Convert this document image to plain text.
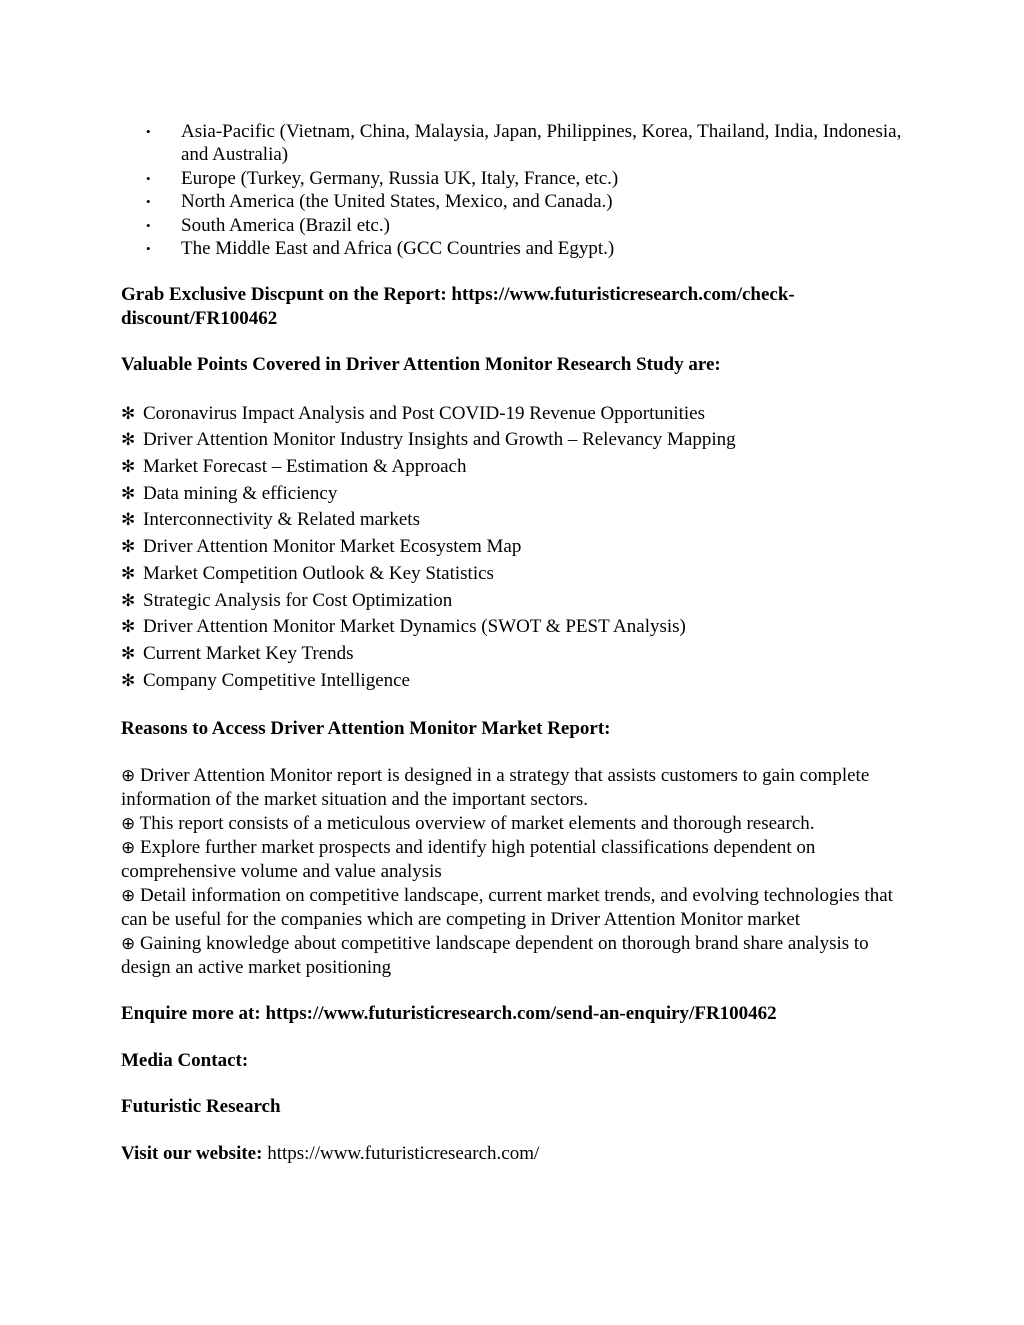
• Asia-Pacific (Vietnam, China, Malaysia, Japan, Philippines, Korea, Thailand, India, Indonesia, and Australia)
• Europe (Turkey, Germany, Russia UK, Italy, France, etc.)
• North America (the United States, Mexico, and Canada.)
• South America (Brazil etc.)
• The Middle East and Africa (GCC Countries and Egypt.)

Grab Exclusive Discpunt on the Report: https://www.futuristicresearch.com/check-discount/FR100462

Valuable Points Covered in Driver Attention Monitor Research Study are:

✻ Coronavirus Impact Analysis and Post COVID-19 Revenue Opportunities
✻ Driver Attention Monitor Industry Insights and Growth – Relevancy Mapping
✻ Market Forecast – Estimation & Approach
✻ Data mining & efficiency
✻ Interconnectivity & Related markets
✻ Driver Attention Monitor Market Ecosystem Map
✻ Market Competition Outlook & Key Statistics
✻ Strategic Analysis for Cost Optimization
✻ Driver Attention Monitor Market Dynamics (SWOT & PEST Analysis)
✻ Current Market Key Trends
✻ Company Competitive Intelligence

Reasons to Access Driver Attention Monitor Market Report:

⊕ Driver Attention Monitor report is designed in a strategy that assists customers to gain complete information of the market situation and the important sectors.
⊕ This report consists of a meticulous overview of market elements and thorough research.
⊕ Explore further market prospects and identify high potential classifications dependent on comprehensive volume and value analysis
⊕ Detail information on competitive landscape, current market trends, and evolving technologies that can be useful for the companies which are competing in Driver Attention Monitor market
⊕ Gaining knowledge about competitive landscape dependent on thorough brand share analysis to design an active market positioning

Enquire more at: https://www.futuristicresearch.com/send-an-enquiry/FR100462

Media Contact:

Futuristic Research

Visit our website: https://www.futuristicresearch.com/
